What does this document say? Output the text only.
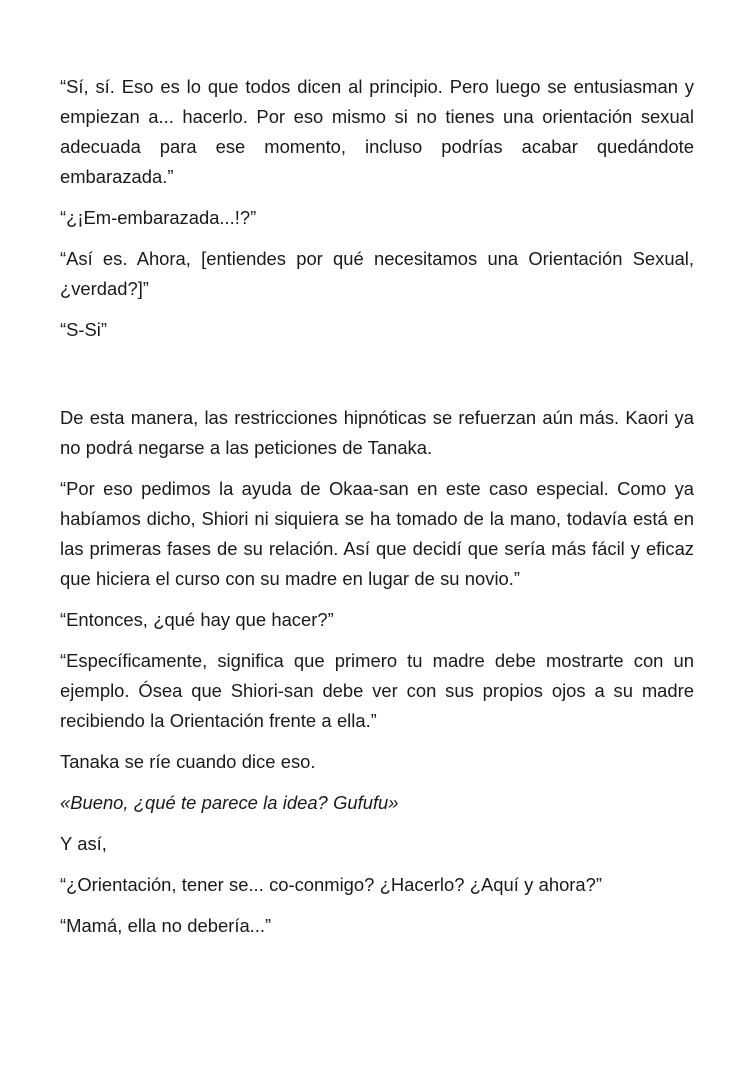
“Sí, sí. Eso es lo que todos dicen al principio. Pero luego se entusiasman y empiezan a... hacerlo. Por eso mismo si no tienes una orientación sexual adecuada para ese momento, incluso podrías acabar quedándote embarazada.”

“¿¡Em-embarazada...!?”

“Así es. Ahora, [entiendes por qué necesitamos una Orientación Sexual, ¿verdad?]”

“S-Si”

De esta manera, las restricciones hipnóticas se refuerzan aún más. Kaori ya no podrá negarse a las peticiones de Tanaka.

“Por eso pedimos la ayuda de Okaa-san en este caso especial. Como ya habíamos dicho, Shiori ni siquiera se ha tomado de la mano, todavía está en las primeras fases de su relación. Así que decidí que sería más fácil y eficaz que hiciera el curso con su madre en lugar de su novio.”

“Entonces, ¿qué hay que hacer?”

“Específicamente, significa que primero tu madre debe mostrarte con un ejemplo. Ósea que Shiori-san debe ver con sus propios ojos a su madre recibiendo la Orientación frente a ella.”

Tanaka se ríe cuando dice eso.

«Bueno, ¿qué te parece la idea? Gufufu»

Y así,

“¿Orientación, tener se... co-conmigo? ¿Hacerlo? ¿Aquí y ahora?”

“Mamá, ella no debería...”
